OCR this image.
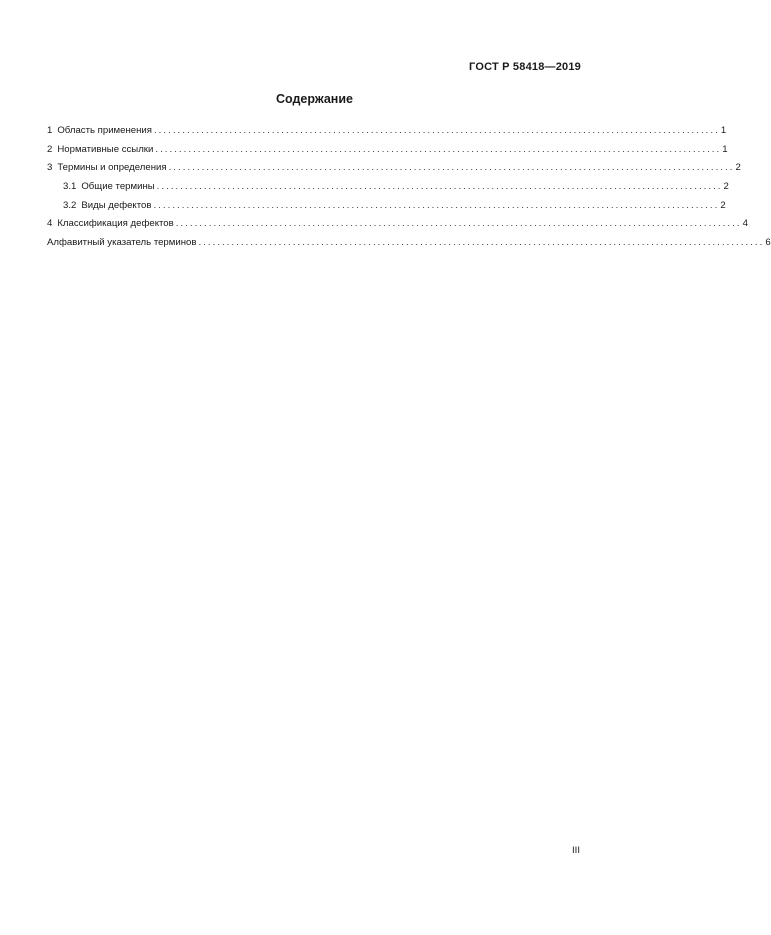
ГОСТ Р 58418—2019
Содержание
1 Область применения ........................................................................................................................ 1
2 Нормативные ссылки ........................................................................................................................ 1
3 Термины и определения ........................................................................................................................ 2
3.1 Общие термины ........................................................................................................................ 2
3.2 Виды дефектов ........................................................................................................................ 2
4 Классификация дефектов ........................................................................................................................ 4
Алфавитный указатель терминов ........................................................................................................................ 6
III
